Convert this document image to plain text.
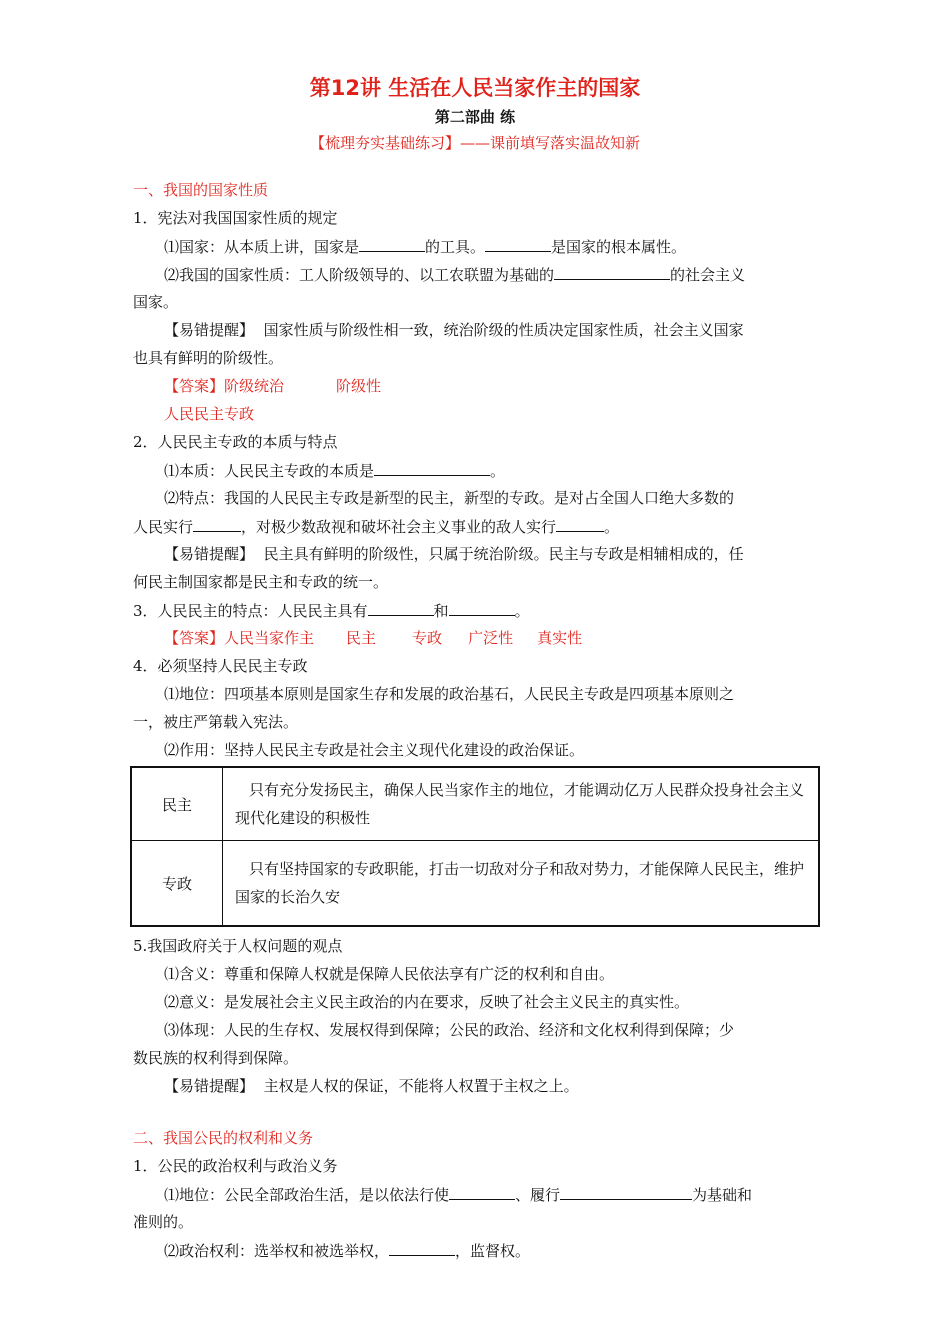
第12讲 生活在人民当家作主的国家
第二部曲 练
【梳理夯实基础练习】——课前填写落实温故知新
一、我国的国家性质
1．宪法对我国国家性质的规定
⑴国家：从本质上讲，国家是	的工具。	是国家的根本属性。
⑵我国的国家性质：工人阶级领导的、以工农联盟为基础的	的社会主义
国家。
【易错提醒】 国家性质与阶级性相一致，统治阶级的性质决定国家性质，社会主义国家
也具有鲜明的阶级性。
【答案】阶级统治	阶级性
人民民主专政
2．人民民主专政的本质与特点
⑴本质：人民民主专政的本质是	。
⑵特点：我国的人民民主专政是新型的民主，新型的专政。是对占全国人口绝大多数的
人民实行	，对极少数敌视和破坏社会主义事业的敌人实行	。
【易错提醒】 民主具有鲜明的阶级性，只属于统治阶级。民主与专政是相辅相成的，任
何民主制国家都是民主和专政的统一。
3．人民民主的特点：人民民主具有	和	。
【答案】人民当家作主 民主 专政 广泛性 真实性
4．必须坚持人民民主专政
⑴地位：四项基本原则是国家生存和发展的政治基石，人民民主专政是四项基本原则之
一，被庄严第载入宪法。
⑵作用：坚持人民民主专政是社会主义现代化建设的政治保证。
民主	只有充分发扬民主，确保人民当家作主的地位，才能调动亿万人民群众投身社会主义现代化建设的积极性
专政	只有坚持国家的专政职能，打击一切敌对分子和敌对势力，才能保障人民民主，维护国家的长治久安
5.我国政府关于人权问题的观点
⑴含义：尊重和保障人权就是保障人民依法享有广泛的权利和自由。
⑵意义：是发展社会主义民主政治的内在要求，反映了社会主义民主的真实性。
⑶体现：人民的生存权、发展权得到保障；公民的政治、经济和文化权利得到保障；少
数民族的权利得到保障。
【易错提醒】 主权是人权的保证，不能将人权置于主权之上。
二、我国公民的权利和义务
1．公民的政治权利与政治义务
⑴地位：公民全部政治生活，是以依法行使	、履行	为基础和
准则的。
⑵政治权利：选举权和被选举权，	，监督权。
